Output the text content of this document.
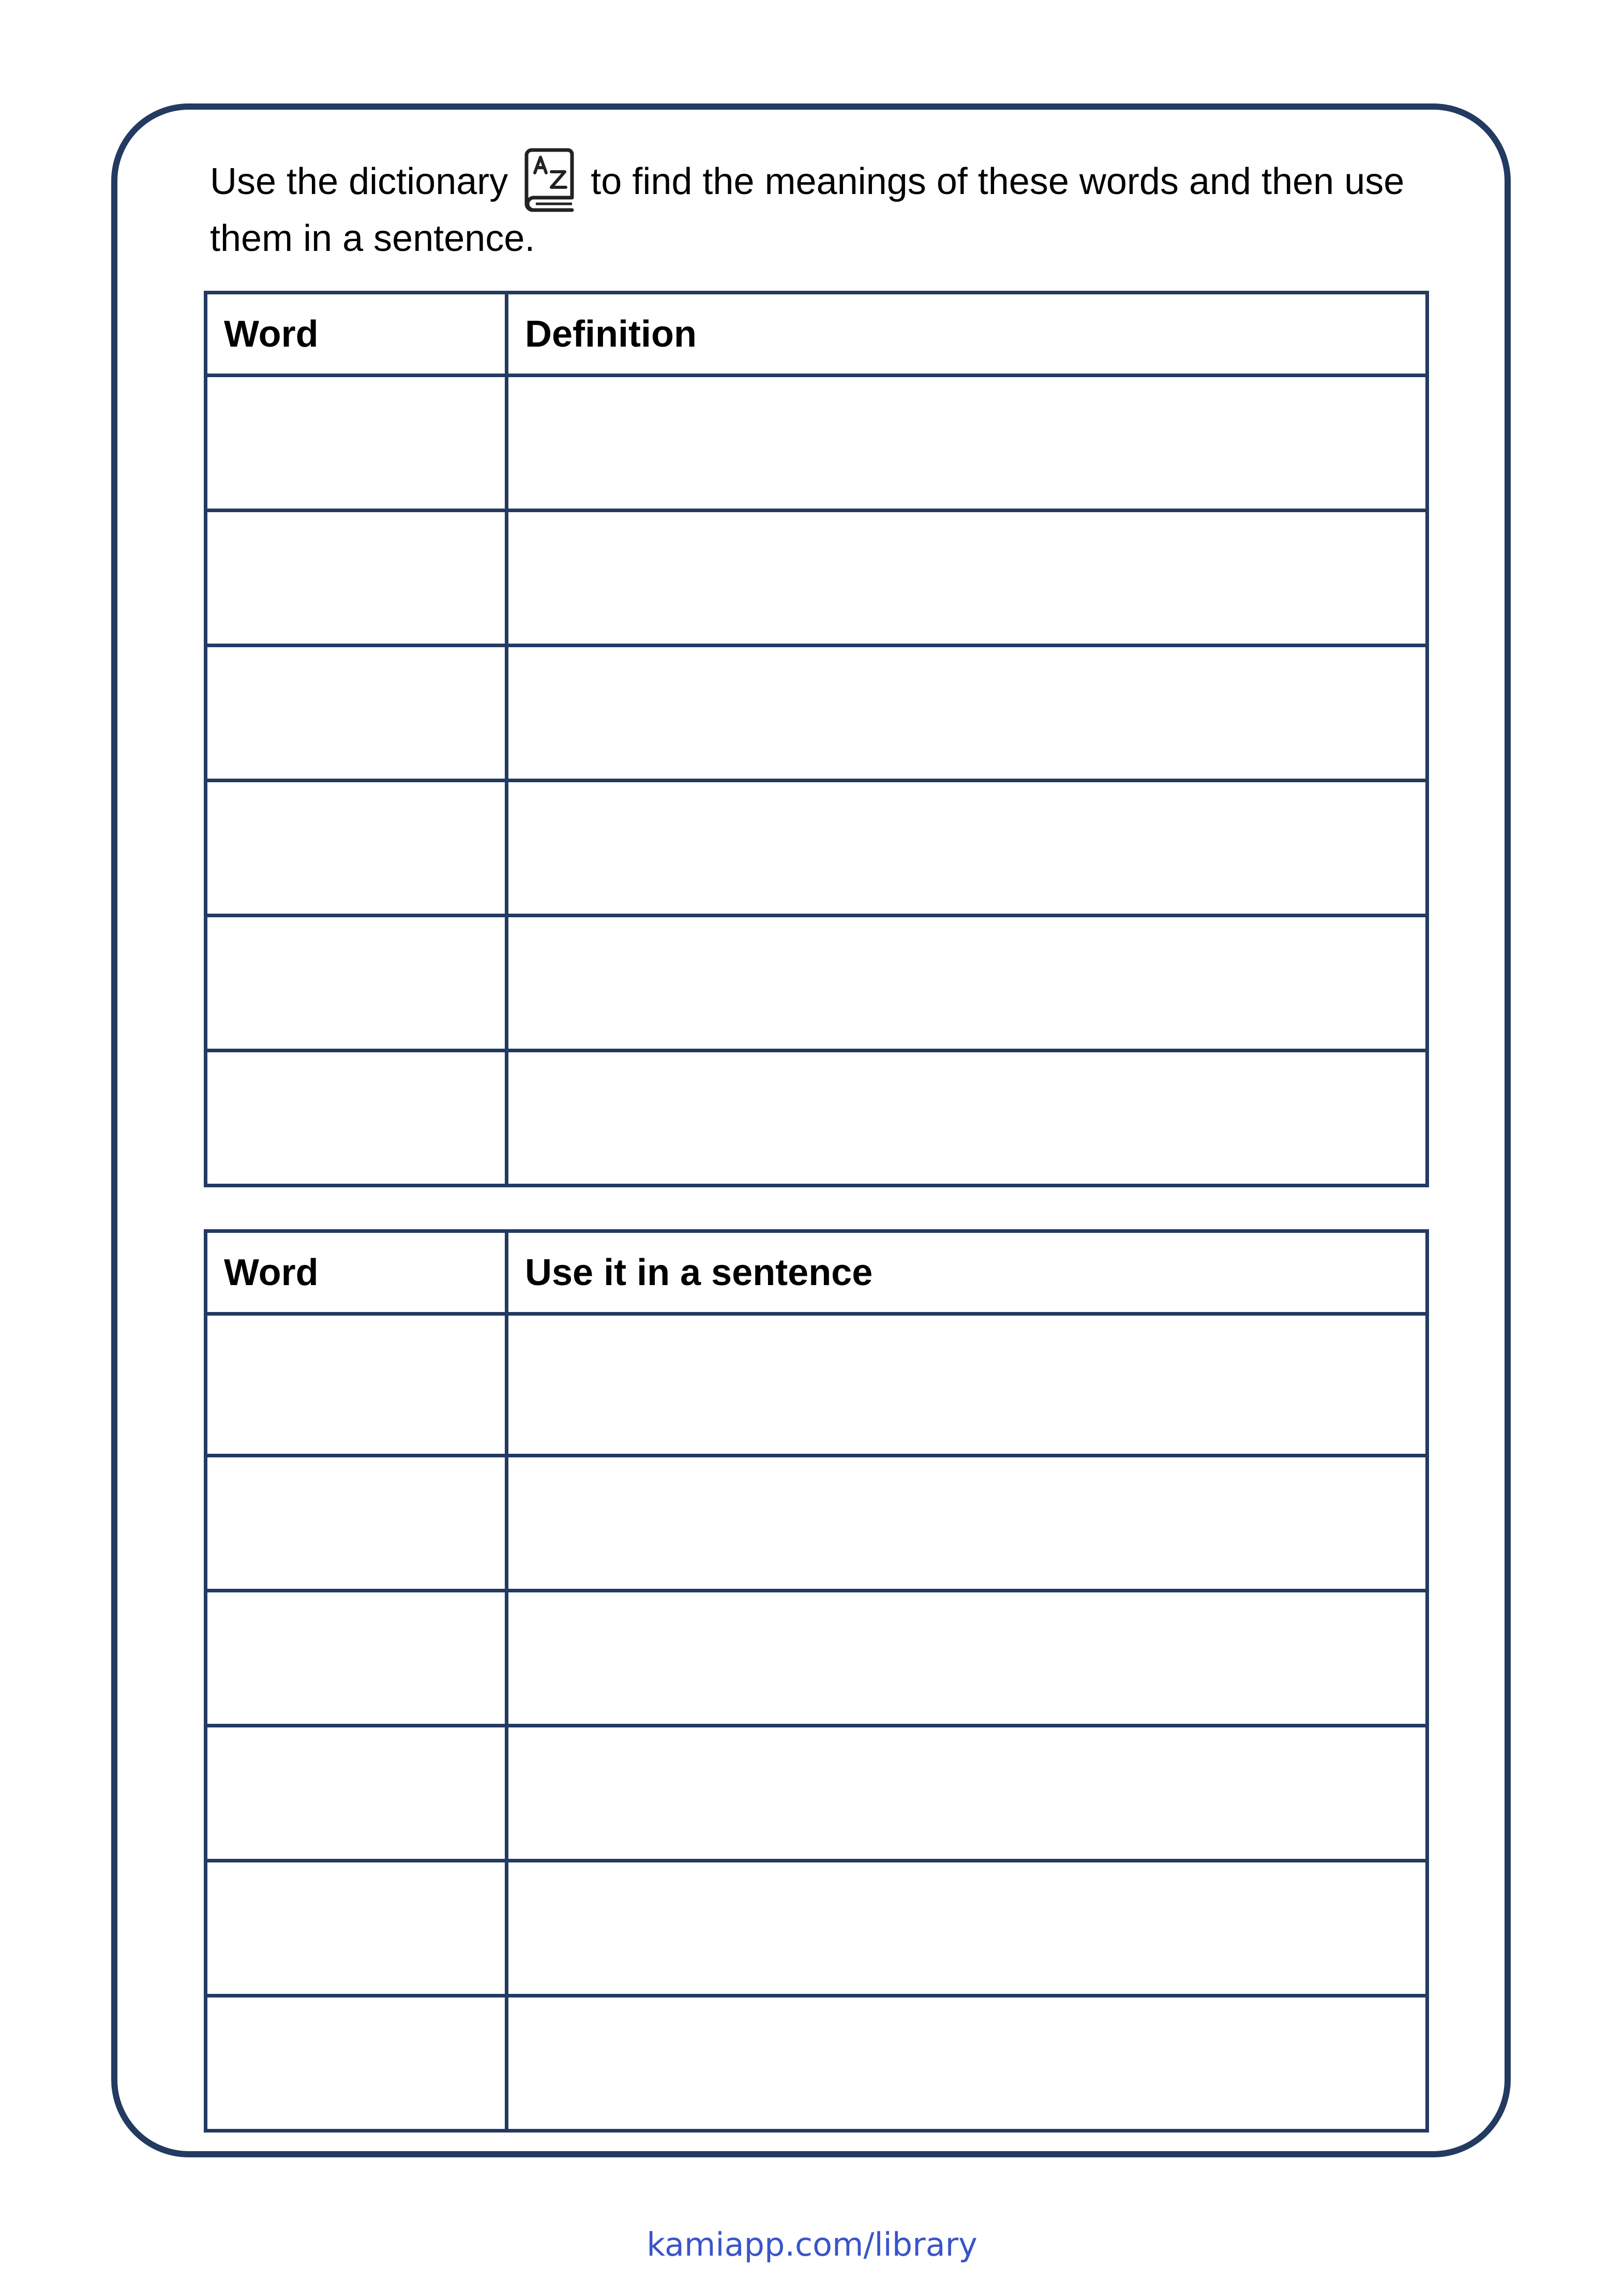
Use the dictionary to find the meanings of these words and then use them in a sentence.
Word	Definition

Word	Use it in a sentence

kamiapp.com/library
